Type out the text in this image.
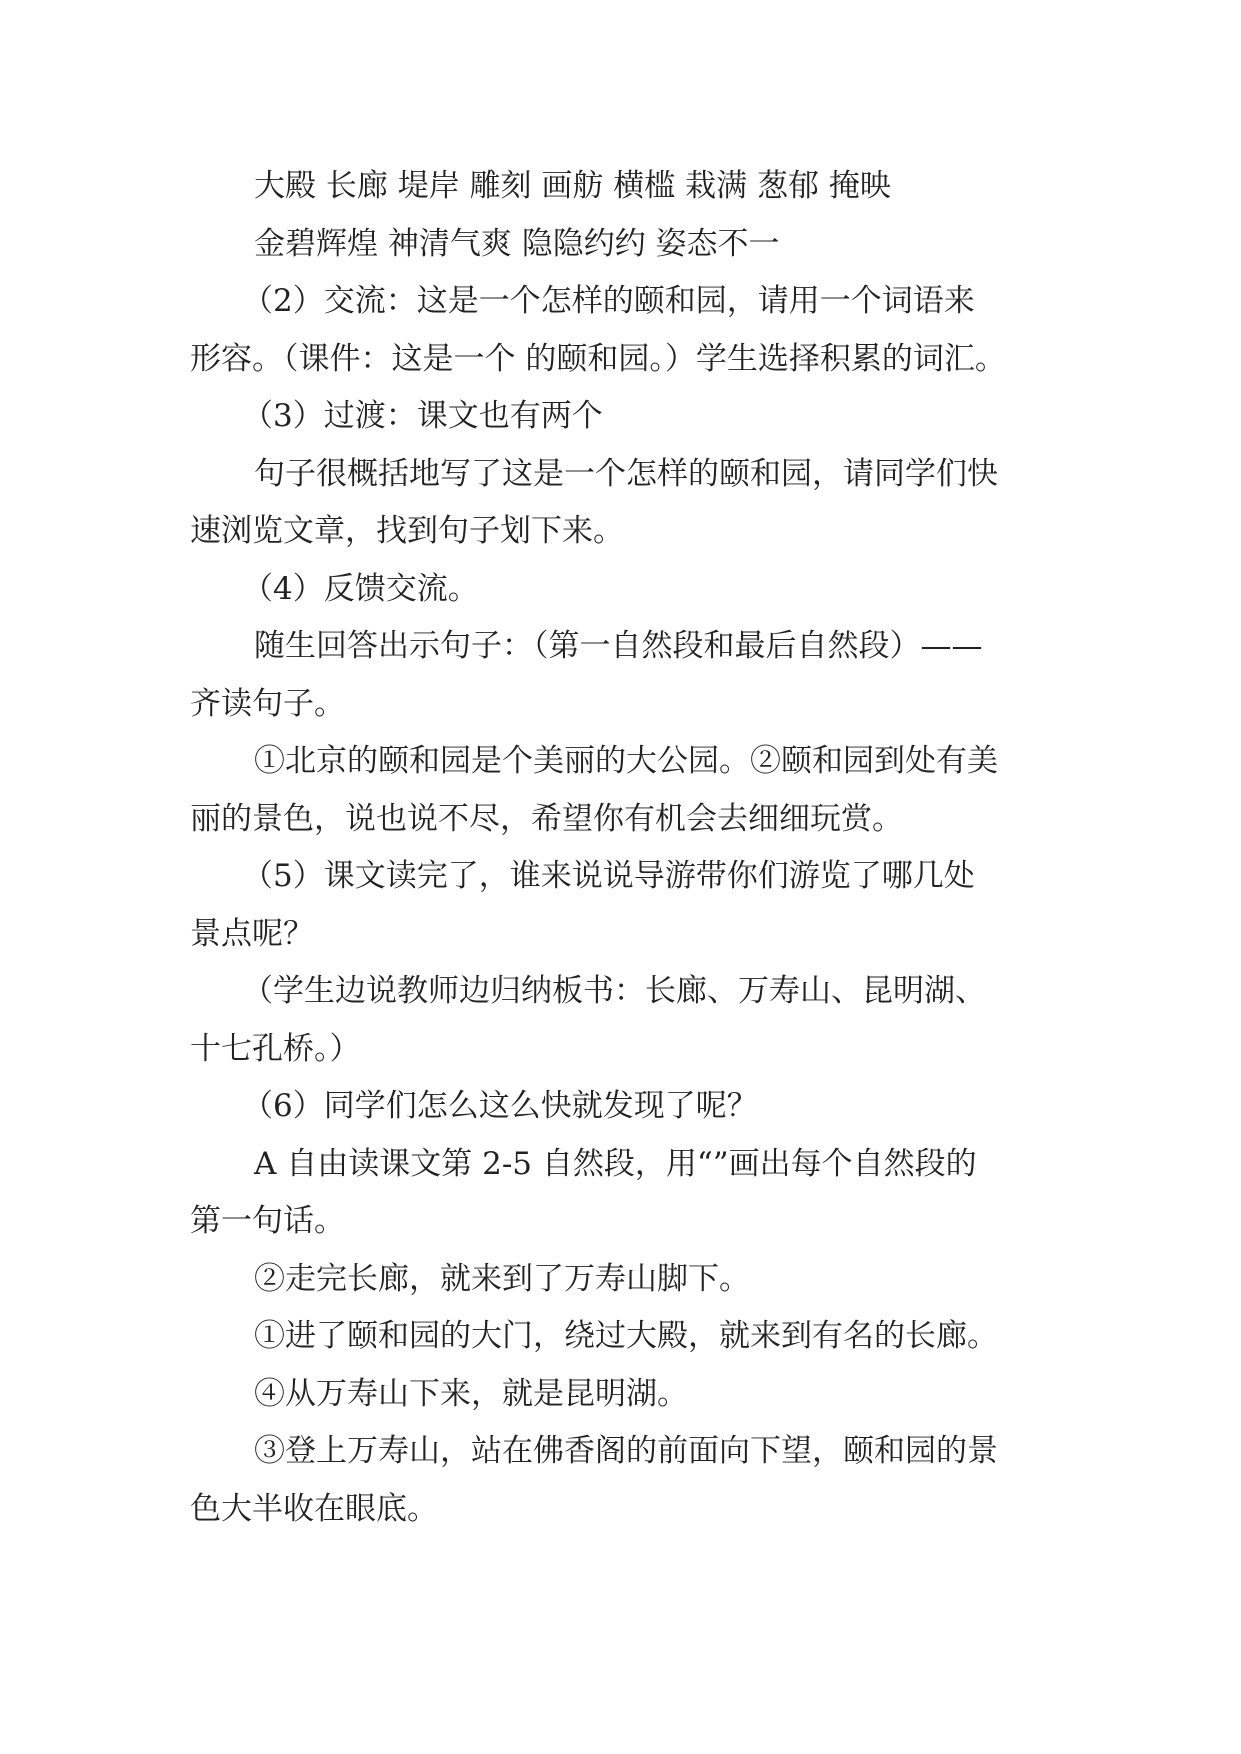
大殿 长廊 堤岸 雕刻 画舫 横槛 栽满 葱郁 掩映
金碧辉煌 神清气爽 隐隐约约 姿态不一
（2）交流：这是一个怎样的颐和园，请用一个词语来
形容。（课件：这是一个 的颐和园。）学生选择积累的词汇。
（3）过渡：课文也有两个
句子很概括地写了这是一个怎样的颐和园，请同学们快
速浏览文章，找到句子划下来。
（4）反馈交流。
随生回答出示句子：（第一自然段和最后自然段）——
齐读句子。
①北京的颐和园是个美丽的大公园。②颐和园到处有美
丽的景色，说也说不尽，希望你有机会去细细玩赏。
（5）课文读完了，谁来说说导游带你们游览了哪几处
景点呢？
（学生边说教师边归纳板书：长廊、万寿山、昆明湖、
十七孔桥。）
（6）同学们怎么这么快就发现了呢？
A 自由读课文第 2-5 自然段，用“”画出每个自然段的
第一句话。
②走完长廊，就来到了万寿山脚下。
①进了颐和园的大门，绕过大殿，就来到有名的长廊。
④从万寿山下来，就是昆明湖。
③登上万寿山，站在佛香阁的前面向下望，颐和园的景
色大半收在眼底。
